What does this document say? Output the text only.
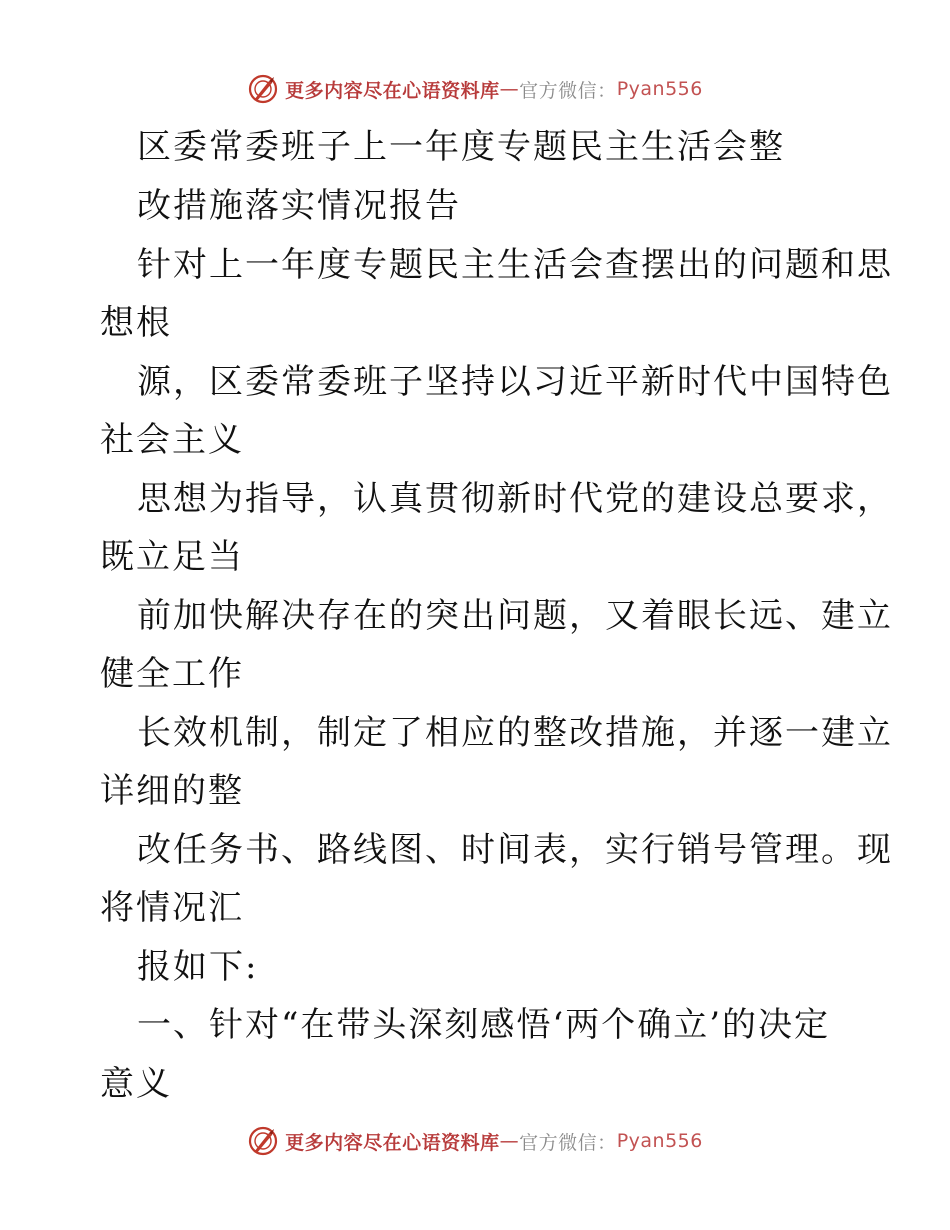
更多内容尽在心语资料库 — 官方微信： Pyan556
区委常委班子上一年度专题民主生活会整
改措施落实情况报告
针对上一年度专题民主生活会查摆出的问题和思
想根
源，区委常委班子坚持以习近平新时代中国特色
社会主义
思想为指导，认真贯彻新时代党的建设总要求，
既立足当
前加快解决存在的突出问题，又着眼长远、建立
健全工作
长效机制，制定了相应的整改措施，并逐一建立
详细的整
改任务书、路线图、时间表，实行销号管理。现
将情况汇
报如下:
一、针对“在带头深刻感悟‘两个确立’的决定
意义
更多内容尽在心语资料库 — 官方微信： Pyan556
